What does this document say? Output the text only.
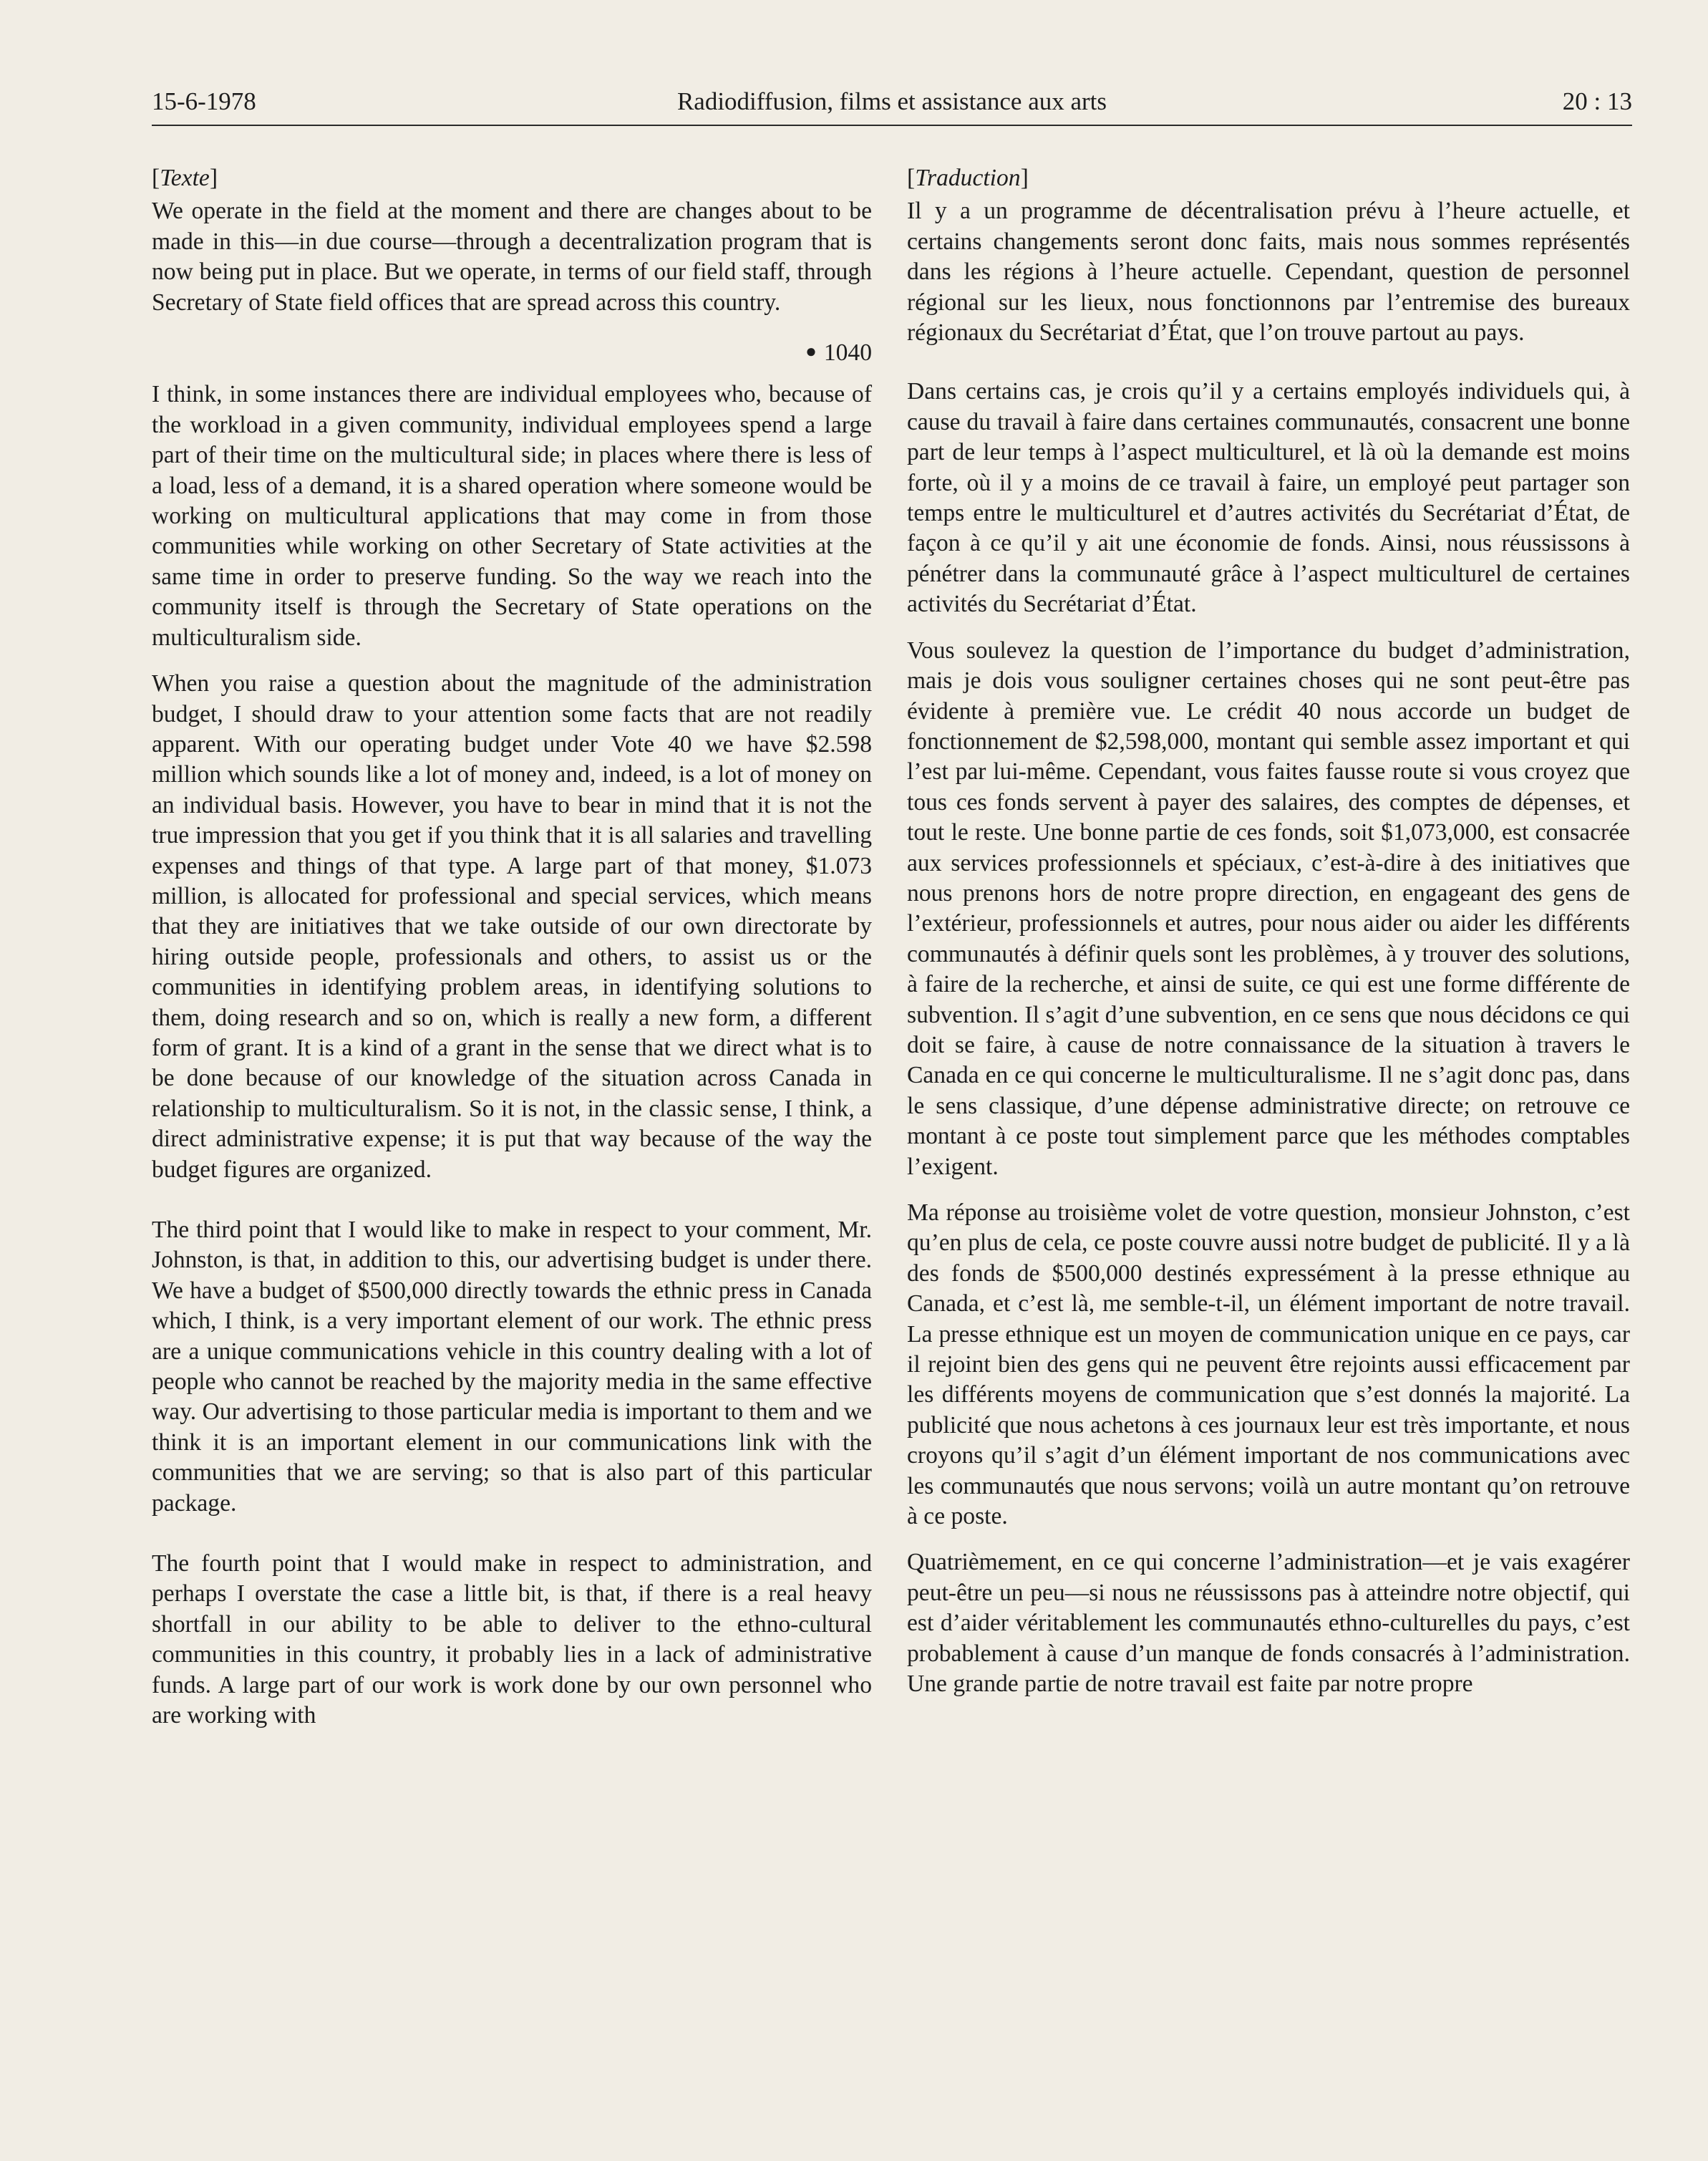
15-6-1978	Radiodiffusion, films et assistance aux arts	20 : 13
[Texte]

We operate in the field at the moment and there are changes about to be made in this—in due course—through a decentralization program that is now being put in place. But we operate, in terms of our field staff, through Secretary of State field offices that are spread across this country.

● 1040

I think, in some instances there are individual employees who, because of the workload in a given community, individual employees spend a large part of their time on the multicultural side; in places where there is less of a load, less of a demand, it is a shared operation where someone would be working on multicultural applications that may come in from those communities while working on other Secretary of State activities at the same time in order to preserve funding. So the way we reach into the community itself is through the Secretary of State operations on the multiculturalism side.

When you raise a question about the magnitude of the administration budget, I should draw to your attention some facts that are not readily apparent. With our operating budget under Vote 40 we have $2.598 million which sounds like a lot of money and, indeed, is a lot of money on an individual basis. However, you have to bear in mind that it is not the true impression that you get if you think that it is all salaries and travelling expenses and things of that type. A large part of that money, $1.073 million, is allocated for professional and special services, which means that they are initiatives that we take outside of our own directorate by hiring outside people, professionals and others, to assist us or the communities in identifying problem areas, in identifying solutions to them, doing research and so on, which is really a new form, a different form of grant. It is a kind of a grant in the sense that we direct what is to be done because of our knowledge of the situation across Canada in relationship to multiculturalism. So it is not, in the classic sense, I think, a direct administrative expense; it is put that way because of the way the budget figures are organized.

The third point that I would like to make in respect to your comment, Mr. Johnston, is that, in addition to this, our advertising budget is under there. We have a budget of $500,000 directly towards the ethnic press in Canada which, I think, is a very important element of our work. The ethnic press are a unique communications vehicle in this country dealing with a lot of people who cannot be reached by the majority media in the same effective way. Our advertising to those particular media is important to them and we think it is an important element in our communications link with the communities that we are serving; so that is also part of this particular package.

The fourth point that I would make in respect to administration, and perhaps I overstate the case a little bit, is that, if there is a real heavy shortfall in our ability to be able to deliver to the ethno-cultural communities in this country, it probably lies in a lack of administrative funds. A large part of our work is work done by our own personnel who are working with

[Traduction]

Il y a un programme de décentralisation prévu à l’heure actuelle, et certains changements seront donc faits, mais nous sommes représentés dans les régions à l’heure actuelle. Cependant, question de personnel régional sur les lieux, nous fonctionnons par l’entremise des bureaux régionaux du Secrétariat d’État, que l’on trouve partout au pays.

Dans certains cas, je crois qu’il y a certains employés individuels qui, à cause du travail à faire dans certaines communautés, consacrent une bonne part de leur temps à l’aspect multiculturel, et là où la demande est moins forte, où il y a moins de ce travail à faire, un employé peut partager son temps entre le multiculturel et d’autres activités du Secrétariat d’État, de façon à ce qu’il y ait une économie de fonds. Ainsi, nous réussissons à pénétrer dans la communauté grâce à l’aspect multiculturel de certaines activités du Secrétariat d’État.

Vous soulevez la question de l’importance du budget d’administration, mais je dois vous souligner certaines choses qui ne sont peut-être pas évidente à première vue. Le crédit 40 nous accorde un budget de fonctionnement de $2,598,000, montant qui semble assez important et qui l’est par lui-même. Cependant, vous faites fausse route si vous croyez que tous ces fonds servent à payer des salaires, des comptes de dépenses, et tout le reste. Une bonne partie de ces fonds, soit $1,073,000, est consacrée aux services professionnels et spéciaux, c’est-à-dire à des initiatives que nous prenons hors de notre propre direction, en engageant des gens de l’extérieur, professionnels et autres, pour nous aider ou aider les différents communautés à définir quels sont les problèmes, à y trouver des solutions, à faire de la recherche, et ainsi de suite, ce qui est une forme différente de subvention. Il s’agit d’une subvention, en ce sens que nous décidons ce qui doit se faire, à cause de notre connaissance de la situation à travers le Canada en ce qui concerne le multiculturalisme. Il ne s’agit donc pas, dans le sens classique, d’une dépense administrative directe; on retrouve ce montant à ce poste tout simplement parce que les méthodes comptables l’exigent.

Ma réponse au troisième volet de votre question, monsieur Johnston, c’est qu’en plus de cela, ce poste couvre aussi notre budget de publicité. Il y a là des fonds de $500,000 destinés expressément à la presse ethnique au Canada, et c’est là, me semble-t-il, un élément important de notre travail. La presse ethnique est un moyen de communication unique en ce pays, car il rejoint bien des gens qui ne peuvent être rejoints aussi efficacement par les différents moyens de communication que s’est donnés la majorité. La publicité que nous achetons à ces journaux leur est très importante, et nous croyons qu’il s’agit d’un élément important de nos communications avec les communautés que nous servons; voilà un autre montant qu’on retrouve à ce poste.

Quatrièmement, en ce qui concerne l’administration—et je vais exagérer peut-être un peu—si nous ne réussissons pas à atteindre notre objectif, qui est d’aider véritablement les communautés ethno-culturelles du pays, c’est probablement à cause d’un manque de fonds consacrés à l’administration. Une grande partie de notre travail est faite par notre propre
